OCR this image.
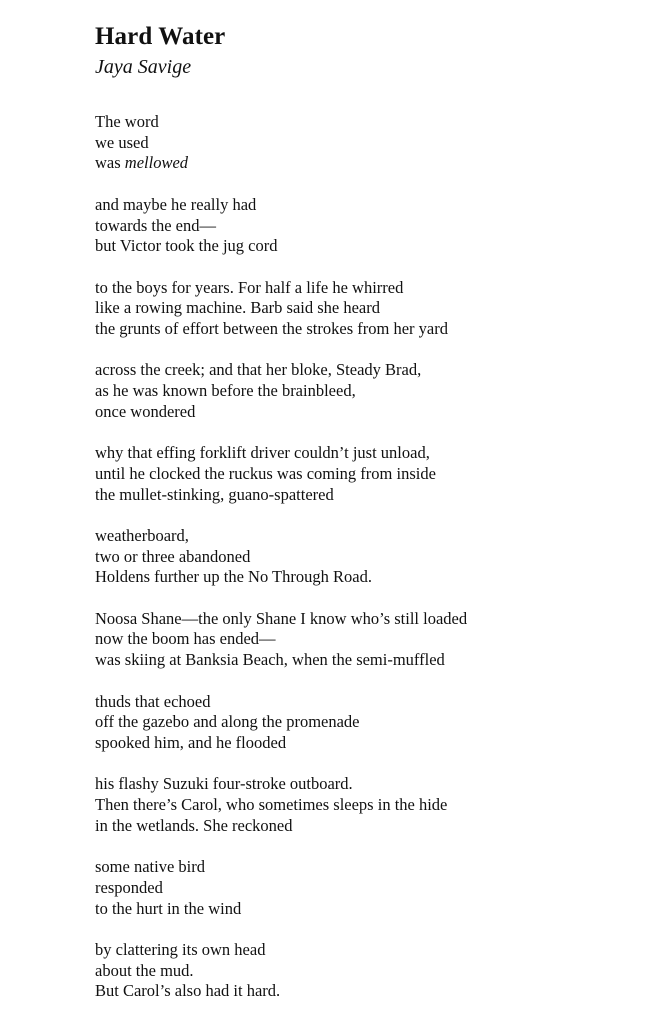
Hard Water

Jaya Savige

The word
we used
was mellowed
and maybe he really had
towards the end—
but Victor took the jug cord
to the boys for years. For half a life he whirred
like a rowing machine. Barb said she heard
the grunts of effort between the strokes from her yard
across the creek; and that her bloke, Steady Brad,
as he was known before the brainbleed,
once wondered
why that effing forklift driver couldn’t just unload,
until he clocked the ruckus was coming from inside
the mullet-stinking, guano-spattered
weatherboard,
two or three abandoned
Holdens further up the No Through Road.
Noosa Shane—the only Shane I know who’s still loaded
now the boom has ended—
was skiing at Banksia Beach, when the semi-muffled
thuds that echoed
off the gazebo and along the promenade
spooked him, and he flooded
his flashy Suzuki four-stroke outboard.
Then there’s Carol, who sometimes sleeps in the hide
in the wetlands. She reckoned
some native bird
responded
to the hurt in the wind
by clattering its own head
about the mud.
But Carol’s also had it hard.
